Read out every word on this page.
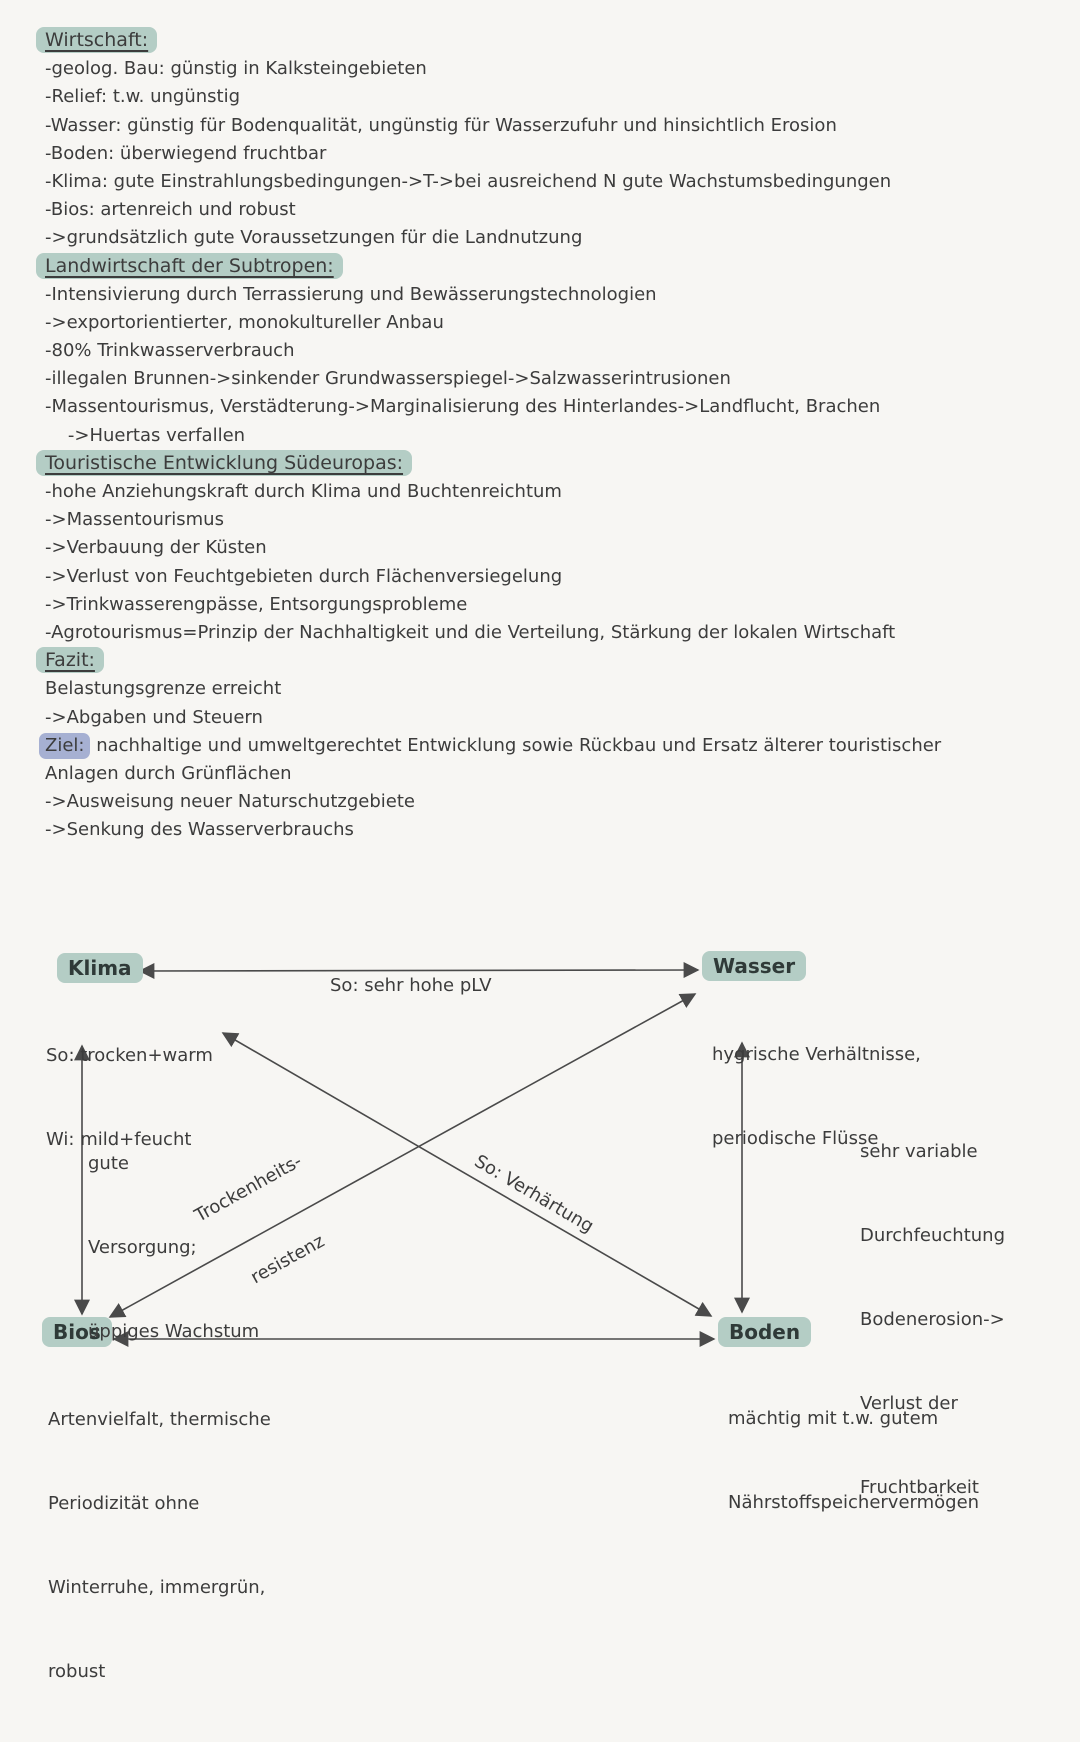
Wirtschaft:
-geolog. Bau: günstig in Kalksteingebieten
-Relief: t.w. ungünstig
-Wasser: günstig für Bodenqualität, ungünstig für Wasserzufuhr und hinsichtlich Erosion
-Boden: überwiegend fruchtbar
-Klima: gute Einstrahlungsbedingungen->T->bei ausreichend N gute Wachstumsbedingungen
-Bios: artenreich und robust
->grundsätzlich gute Voraussetzungen für die Landnutzung
Landwirtschaft der Subtropen:
-Intensivierung durch Terrassierung und Bewässerungstechnologien
->exportorientierter, monokultureller Anbau
-80% Trinkwasserverbrauch
-illegalen Brunnen->sinkender Grundwasserspiegel->Salzwasserintrusionen
-Massentourismus, Verstädterung->Marginalisierung des Hinterlandes->Landflucht, Brachen
->Huertas verfallen
Touristische Entwicklung Südeuropas:
-hohe Anziehungskraft durch Klima und Buchtenreichtum
->Massentourismus
->Verbauung der Küsten
->Verlust von Feuchtgebieten durch Flächenversiegelung
->Trinkwasserengpässe, Entsorgungsprobleme
-Agrotourismus=Prinzip der Nachhaltigkeit und die Verteilung, Stärkung der lokalen Wirtschaft
Fazit:
Belastungsgrenze erreicht
->Abgaben und Steuern
Ziel: nachhaltige und umweltgerechtet Entwicklung sowie Rückbau und Ersatz älterer touristischer
Anlagen durch Grünflächen
->Ausweisung neuer Naturschutzgebiete
->Senkung des Wasserverbrauchs
Klima

So: trocken+warm

Wi: mild+feucht

Wasser

hygrische Verhältnisse,

periodische Flüsse

Bios

Artenvielfalt, thermische

Periodizität ohne

Winterruhe, immergrün,

robust

Boden

mächtig mit t.w. gutem

Nährstoffspeichervermögen

So: sehr hohe pLV

gute

Versorgung;

üppiges Wachstum

Trockenheits-

resistenz

So: Verhärtung

	sehr variable

Durchfeuchtung

Bodenerosion->

Verlust der

Fruchtbarkeit
